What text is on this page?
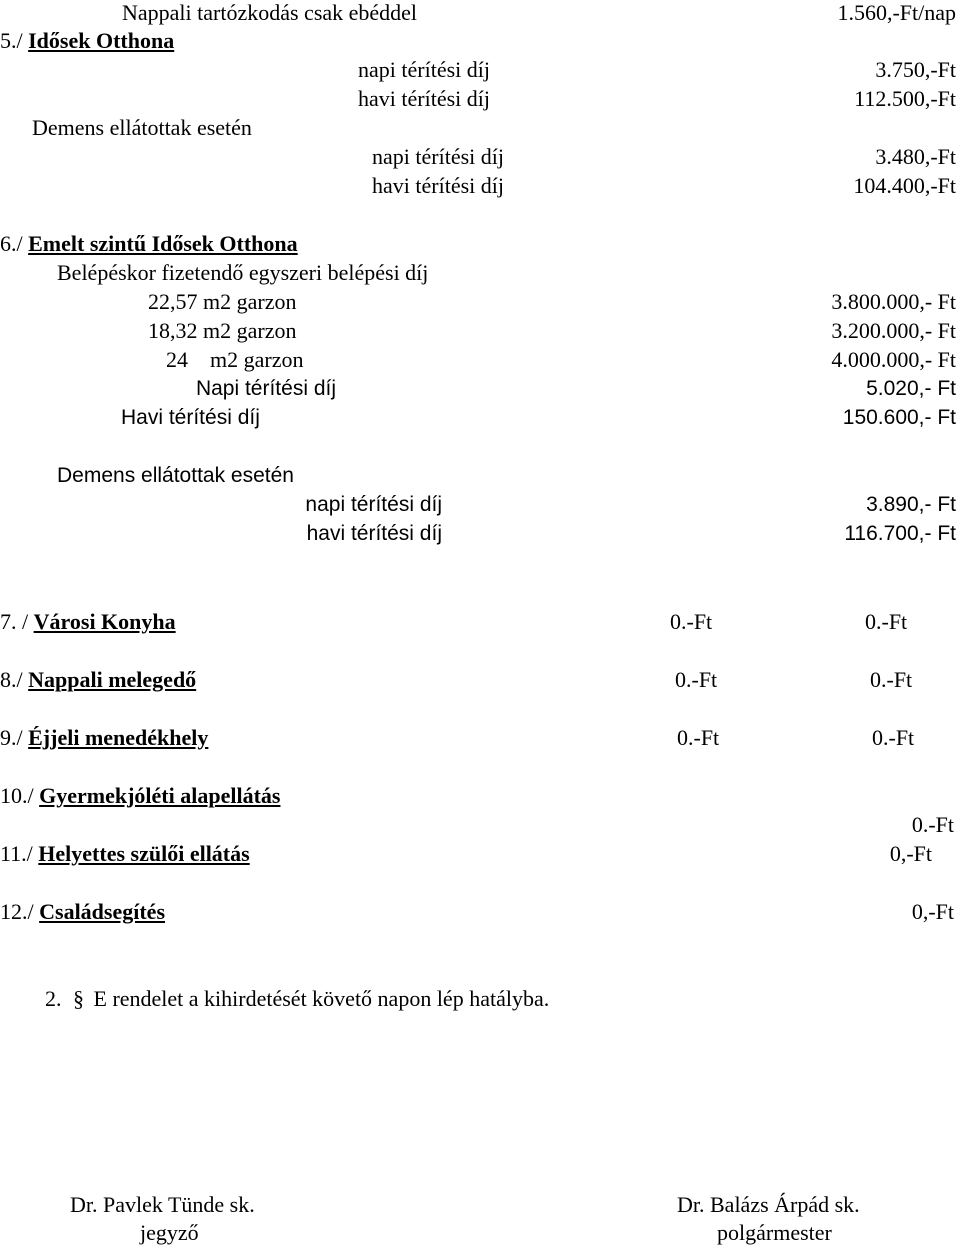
Nappali tartózkodás csak ebéddel	1.560,-Ft/nap
5./ Idősek Otthona
napi térítési díj	3.750,-Ft
havi térítési díj	112.500,-Ft
Demens ellátottak esetén
napi térítési díj	3.480,-Ft
havi térítési díj	104.400,-Ft
6./ Emelt szintű Idősek Otthona
Belépéskor fizetendő egyszeri belépési díj
22,57 m2 garzon	3.800.000,- Ft
18,32 m2 garzon	3.200.000,- Ft
24    m2 garzon	4.000.000,- Ft
Napi térítési díj	5.020,- Ft
Havi térítési díj	150.600,- Ft
Demens ellátottak esetén
napi térítési díj	3.890,- Ft
havi térítési díj	116.700,- Ft
7. / Városi Konyha	0.-Ft	0.-Ft
8./ Nappali melegedő	0.-Ft	0.-Ft
9./ Éjjeli menedékhely	0.-Ft	0.-Ft
10./ Gyermekjóléti alapellátás
0.-Ft
11./ Helyettes szülői ellátás	0,-Ft
12./ Családsegítés	0,-Ft
2. § E rendelet a kihirdetését követő napon lép hatályba.
Dr. Pavlek Tünde sk.
jegyző
Dr. Balázs Árpád sk.
polgármester
